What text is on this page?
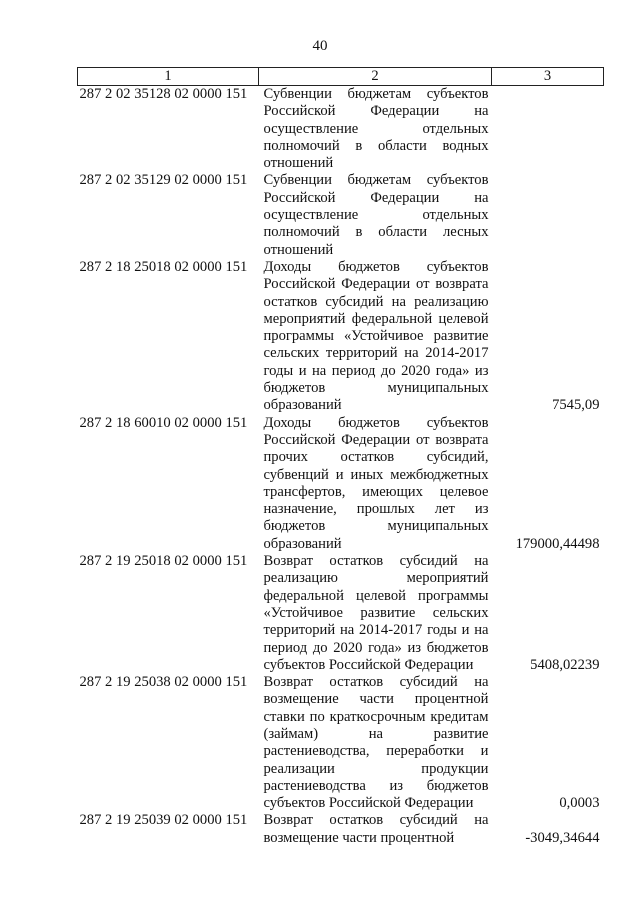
40
1	2	3
287 2 02 35128 02 0000 151	Субвенции бюджетам субъектов Российской Федерации на осуществление отдельных полномочий в области водных отношений	
287 2 02 35129 02 0000 151	Субвенции бюджетам субъектов Российской Федерации на осуществление отдельных полномочий в области лесных отношений	
287 2 18 25018 02 0000 151	Доходы бюджетов субъектов Российской Федерации от возврата остатков субсидий на реализацию мероприятий федеральной целевой программы «Устойчивое развитие сельских территорий на 2014-2017 годы и на период до 2020 года» из бюджетов муниципальных образований	7545,09
287 2 18 60010 02 0000 151	Доходы бюджетов субъектов Российской Федерации от возврата прочих остатков субсидий, субвенций и иных межбюджетных трансфертов, имеющих целевое назначение, прошлых лет из бюджетов муниципальных образований	179000,44498
287 2 19 25018 02 0000 151	Возврат остатков субсидий на реализацию мероприятий федеральной целевой программы «Устойчивое развитие сельских территорий на 2014-2017 годы и на период до 2020 года» из бюджетов субъектов Российской Федерации	5408,02239
287 2 19 25038 02 0000 151	Возврат остатков субсидий на возмещение части процентной ставки по краткосрочным кредитам (займам) на развитие растениеводства, переработки и реализации продукции растениеводства из бюджетов субъектов Российской Федерации	0,0003
287 2 19 25039 02 0000 151	Возврат остатков субсидий на возмещение части процентной	-3049,34644
